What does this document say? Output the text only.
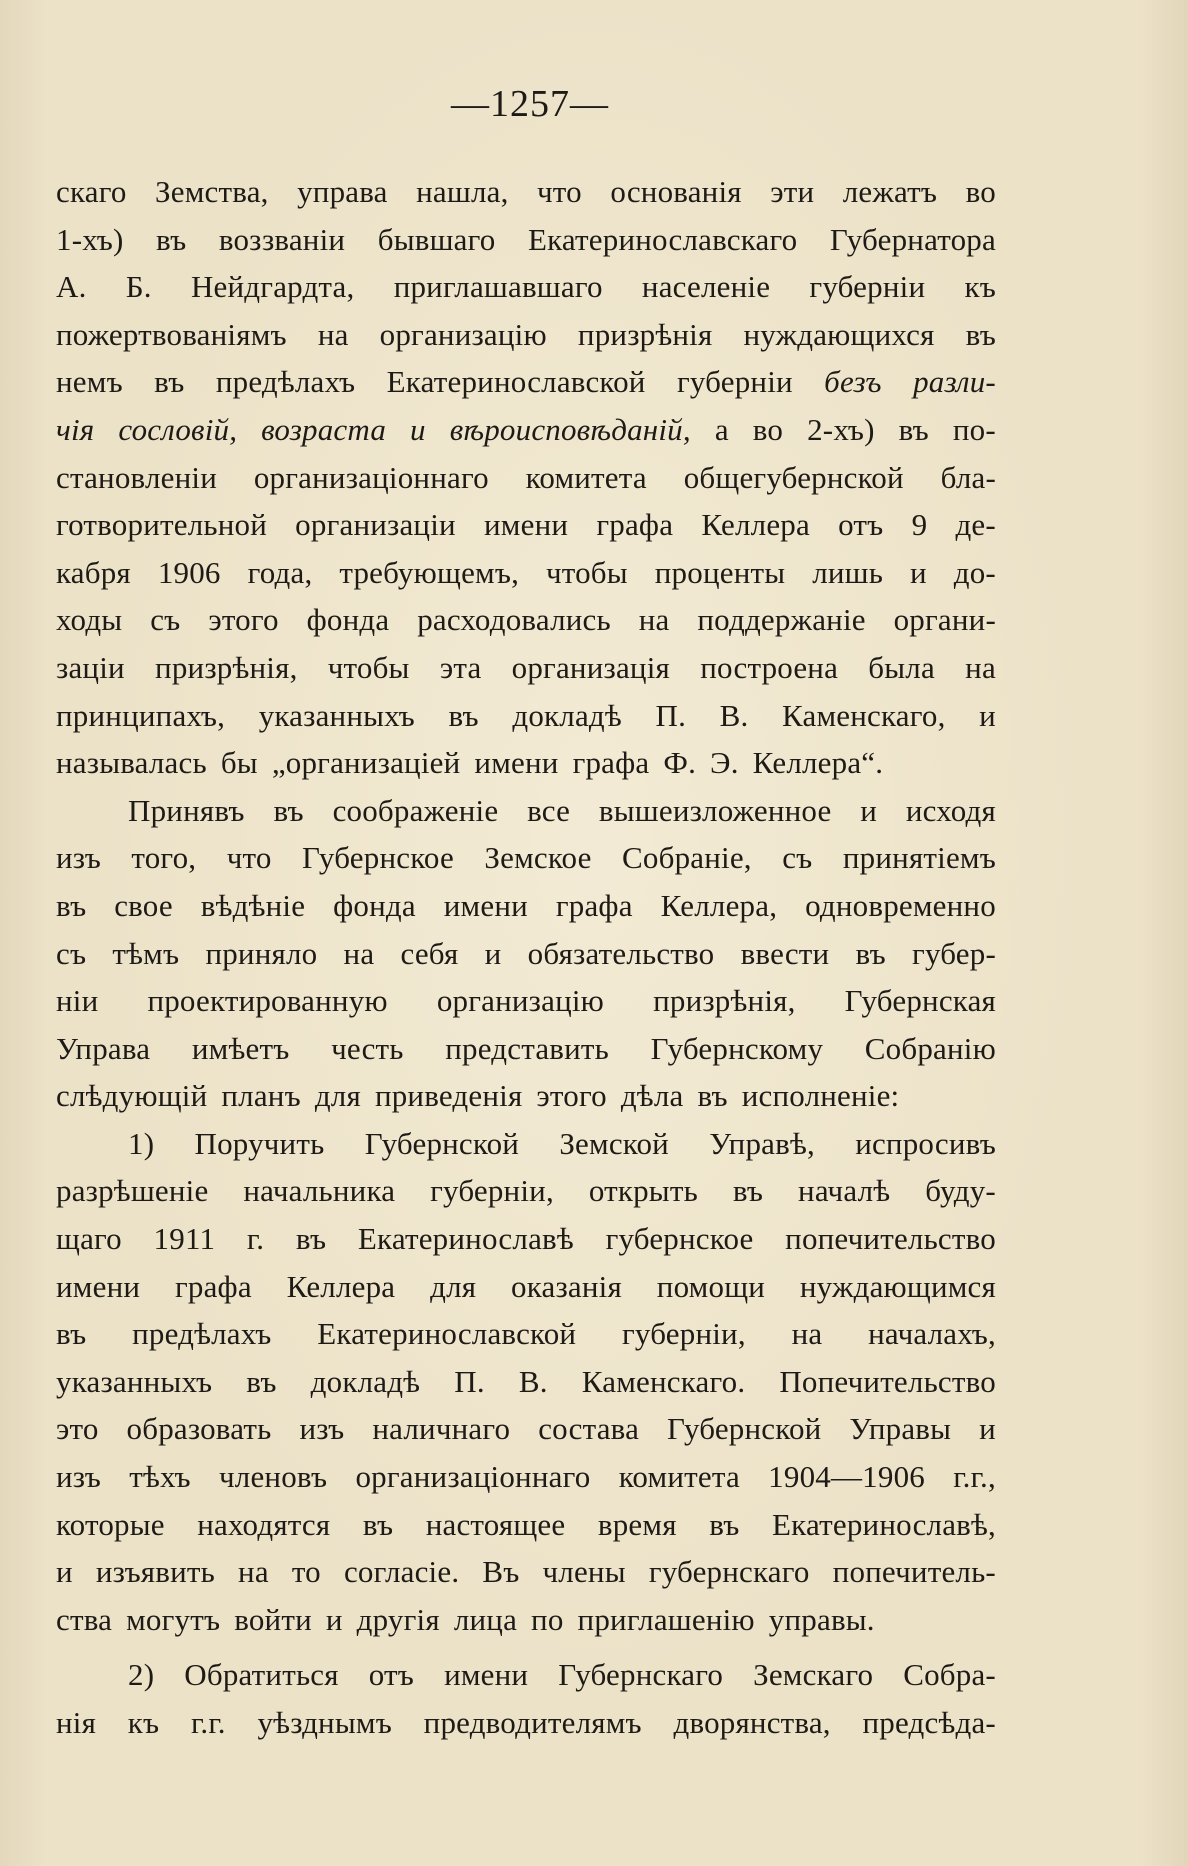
—1257—
скаго Земства, управа нашла, что основанія эти лежатъ во
1-хъ) въ воззваніи бывшаго Екатеринославскаго Губернатора
А. Б. Нейдгардта, приглашавшаго населеніе губерніи къ
пожертвованіямъ на организацію призрѣнія нуждающихся въ
немъ въ предѣлахъ Екатеринославской губерніи безъ разли-
чія сословій, возраста и вѣроисповѣданій, а во 2-хъ) въ по-
становленіи организаціоннаго комитета общегубернской бла-
готворительной организаціи имени графа Келлера отъ 9 де-
кабря 1906 года, требующемъ, чтобы проценты лишь и до-
ходы съ этого фонда расходовались на поддержаніе органи-
заціи призрѣнія, чтобы эта организація построена была на
принципахъ, указанныхъ въ докладѣ П. В. Каменскаго, и
называлась бы „организаціей имени графа Ф. Э. Келлера“.
Принявъ въ соображеніе все вышеизложенное и исходя
изъ того, что Губернское Земское Собраніе, съ принятіемъ
въ свое вѣдѣніе фонда имени графа Келлера, одновременно
съ тѣмъ приняло на себя и обязательство ввести въ губер-
ніи проектированную организацію призрѣнія, Губернская
Управа имѣетъ честь представить Губернскому Собранію
слѣдующій планъ для приведенія этого дѣла въ исполненіе:
1) Поручить Губернской Земской Управѣ, испросивъ
разрѣшеніе начальника губерніи, открыть въ началѣ буду-
щаго 1911 г. въ Екатеринославѣ губернское попечительство
имени графа Келлера для оказанія помощи нуждающимся
въ предѣлахъ Екатеринославской губерніи, на началахъ,
указанныхъ въ докладѣ П. В. Каменскаго. Попечительство
это образовать изъ наличнаго состава Губернской Управы и
изъ тѣхъ членовъ организаціоннаго комитета 1904—1906 г.г.,
которые находятся въ настоящее время въ Екатеринославѣ,
и изъявить на то согласіе. Въ члены губернскаго попечитель-
ства могутъ войти и другія лица по приглашенію управы.
2) Обратиться отъ имени Губернскаго Земскаго Собра-
нія къ г.г. уѣзднымъ предводителямъ дворянства, предсѣда-
